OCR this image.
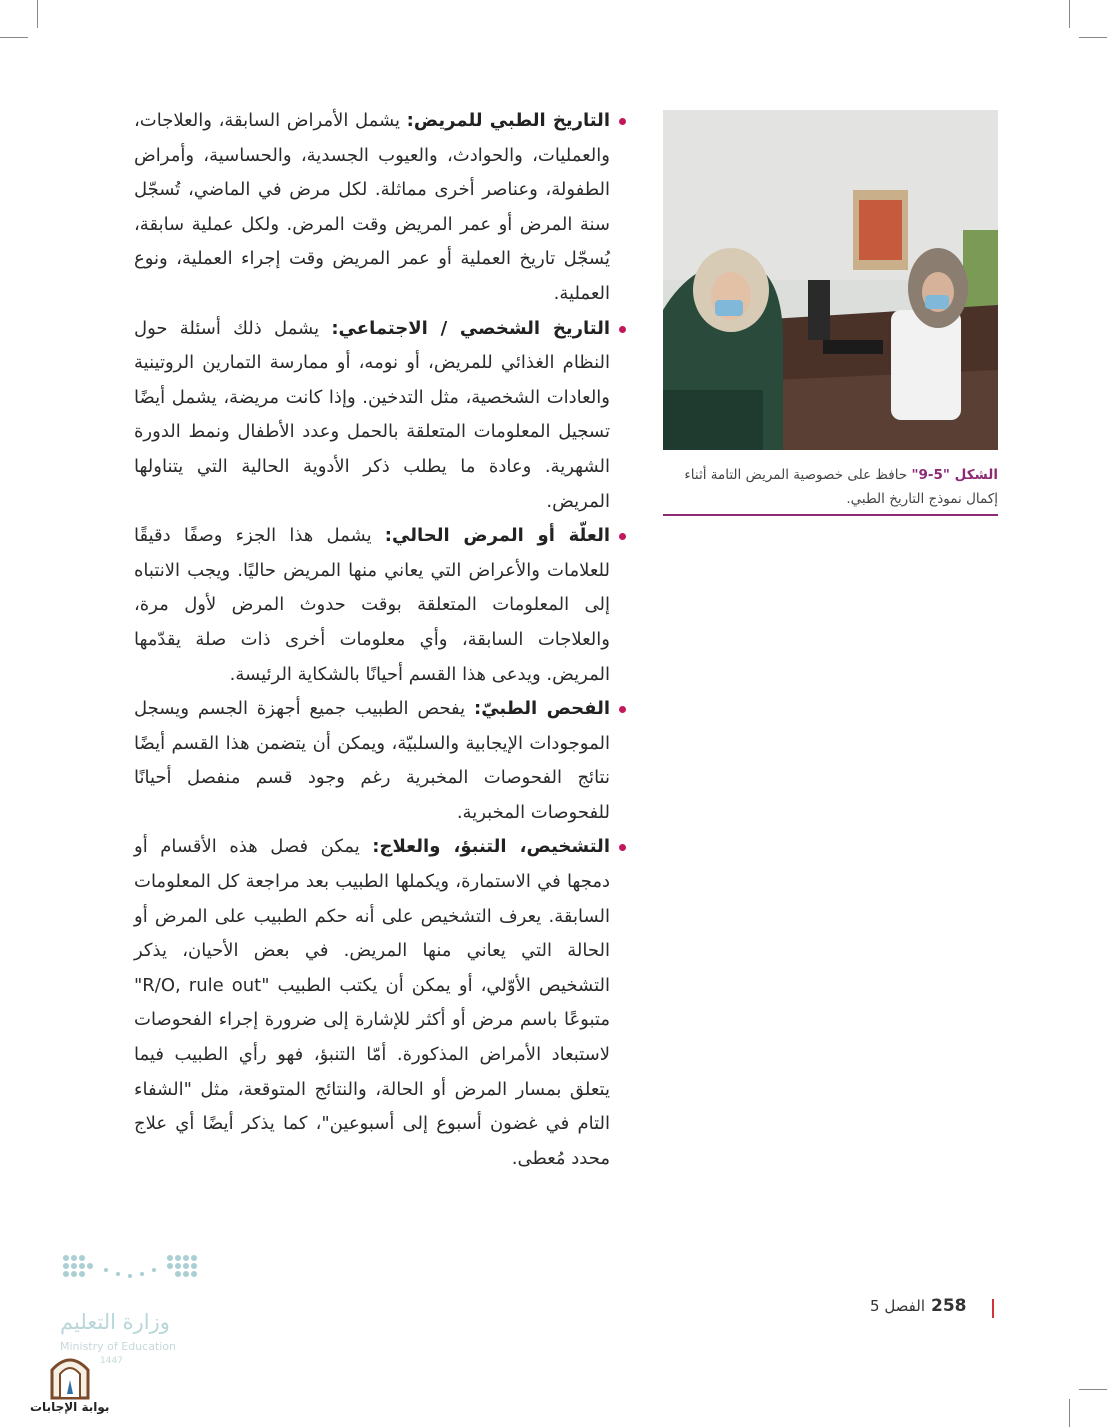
التاريخ الطبي للمريض: يشمل الأمراض السابقة، والعلاجات، والعمليات، والحوادث، والعيوب الجسدية، والحساسية، وأمراض الطفولة، وعناصر أخرى مماثلة. لكل مرض في الماضي، تُسجّل سنة المرض أو عمر المريض وقت المرض. ولكل عملية سابقة، يُسجّل تاريخ العملية أو عمر المريض وقت إجراء العملية، ونوع العملية.
التاريخ الشخصي / الاجتماعي: يشمل ذلك أسئلة حول النظام الغذائي للمريض، أو نومه، أو ممارسة التمارين الروتينية والعادات الشخصية، مثل التدخين. وإذا كانت مريضة، يشمل أيضًا تسجيل المعلومات المتعلقة بالحمل وعدد الأطفال ونمط الدورة الشهرية. وعادة ما يطلب ذكر الأدوية الحالية التي يتناولها المريض.
العلّة أو المرض الحالي: يشمل هذا الجزء وصفًا دقيقًا للعلامات والأعراض التي يعاني منها المريض حاليًا. ويجب الانتباه إلى المعلومات المتعلقة بوقت حدوث المرض لأول مرة، والعلاجات السابقة، وأي معلومات أخرى ذات صلة يقدّمها المريض. ويدعى هذا القسم أحيانًا بالشكاية الرئيسة.
الفحص الطبيّ: يفحص الطبيب جميع أجهزة الجسم ويسجل الموجودات الإيجابية والسلبيّة، ويمكن أن يتضمن هذا القسم أيضًا نتائج الفحوصات المخبرية رغم وجود قسم منفصل أحيانًا للفحوصات المخبرية.
التشخيص، التنبؤ، والعلاج: يمكن فصل هذه الأقسام أو دمجها في الاستمارة، ويكملها الطبيب بعد مراجعة كل المعلومات السابقة. يعرف التشخيص على أنه حكم الطبيب على المرض أو الحالة التي يعاني منها المريض. في بعض الأحيان، يذكر التشخيص الأوّلي، أو يمكن أن يكتب الطبيب "R/O, rule out" متبوعًا باسم مرض أو أكثر للإشارة إلى ضرورة إجراء الفحوصات لاستبعاد الأمراض المذكورة. أمّا التنبؤ، فهو رأي الطبيب فيما يتعلق بمسار المرض أو الحالة، والنتائج المتوقعة، مثل "الشفاء التام في غضون أسبوع إلى أسبوعين"، كما يذكر أيضًا أي علاج محدد مُعطى.
الشكل "5-9" حافظ على خصوصية المريض التامة أثناء إكمال نموذج التاريخ الطبي.
258الفصل 5
وزارة التعليم
Ministry of Education
1447
بوابة الإجابات
